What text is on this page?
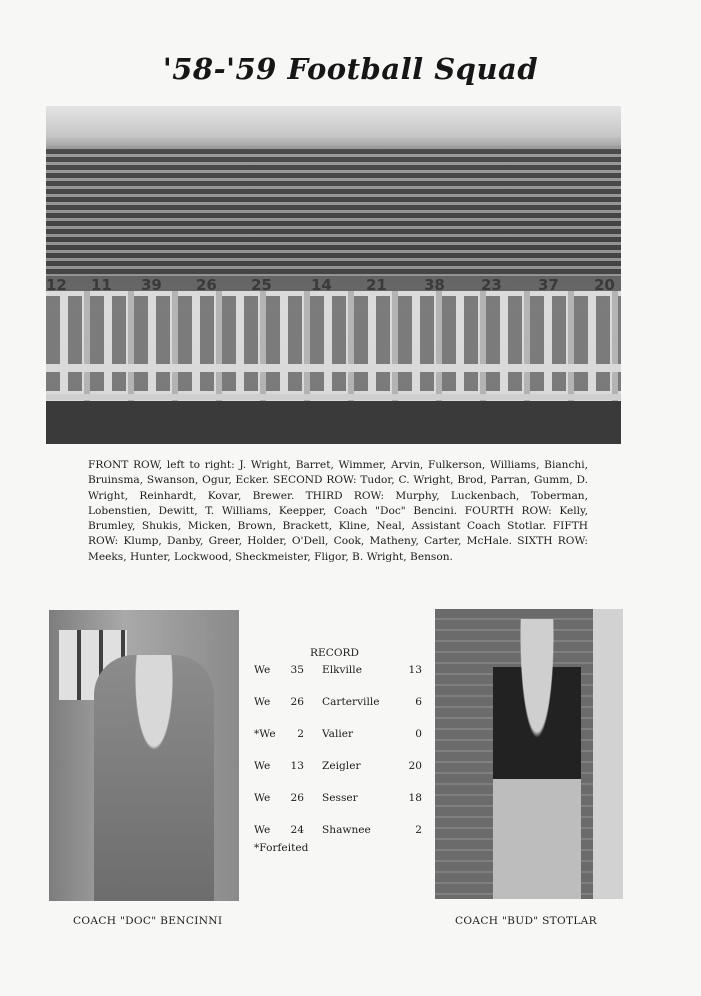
'58-'59 Football Squad
12 11 39 26 25	14 21 38 23 37 20
FRONT ROW, left to right: J. Wright, Barret, Wimmer, Arvin, Fulkerson, Williams, Bianchi, Bruinsma, Swanson, Ogur, Ecker. SECOND ROW: Tudor, C. Wright, Brod, Parran, Gumm, D. Wright, Reinhardt, Kovar, Brewer. THIRD ROW: Murphy, Luckenbach, Toberman, Lobenstien, Dewitt, T. Williams, Keepper, Coach "Doc" Bencini. FOURTH ROW: Kelly, Brumley, Shukis, Micken, Brown, Brackett, Kline, Neal, Assistant Coach Stotlar. FIFTH ROW: Klump, Danby, Greer, Holder, O'Dell, Cook, Matheny, Carter, McHale. SIXTH ROW: Meeks, Hunter, Lockwood, Sheckmeister, Fligor, B. Wright, Benson.
RECORD
We 35 Elkville	13
We 26 Carterville	6
*We	2 Valier	0
We 13 Zeigler	20
We 26 Sesser	18
We 24 Shawnee	2
*Forfeited
COACH "DOC" BENCINNI	COACH "BUD" STOTLAR
